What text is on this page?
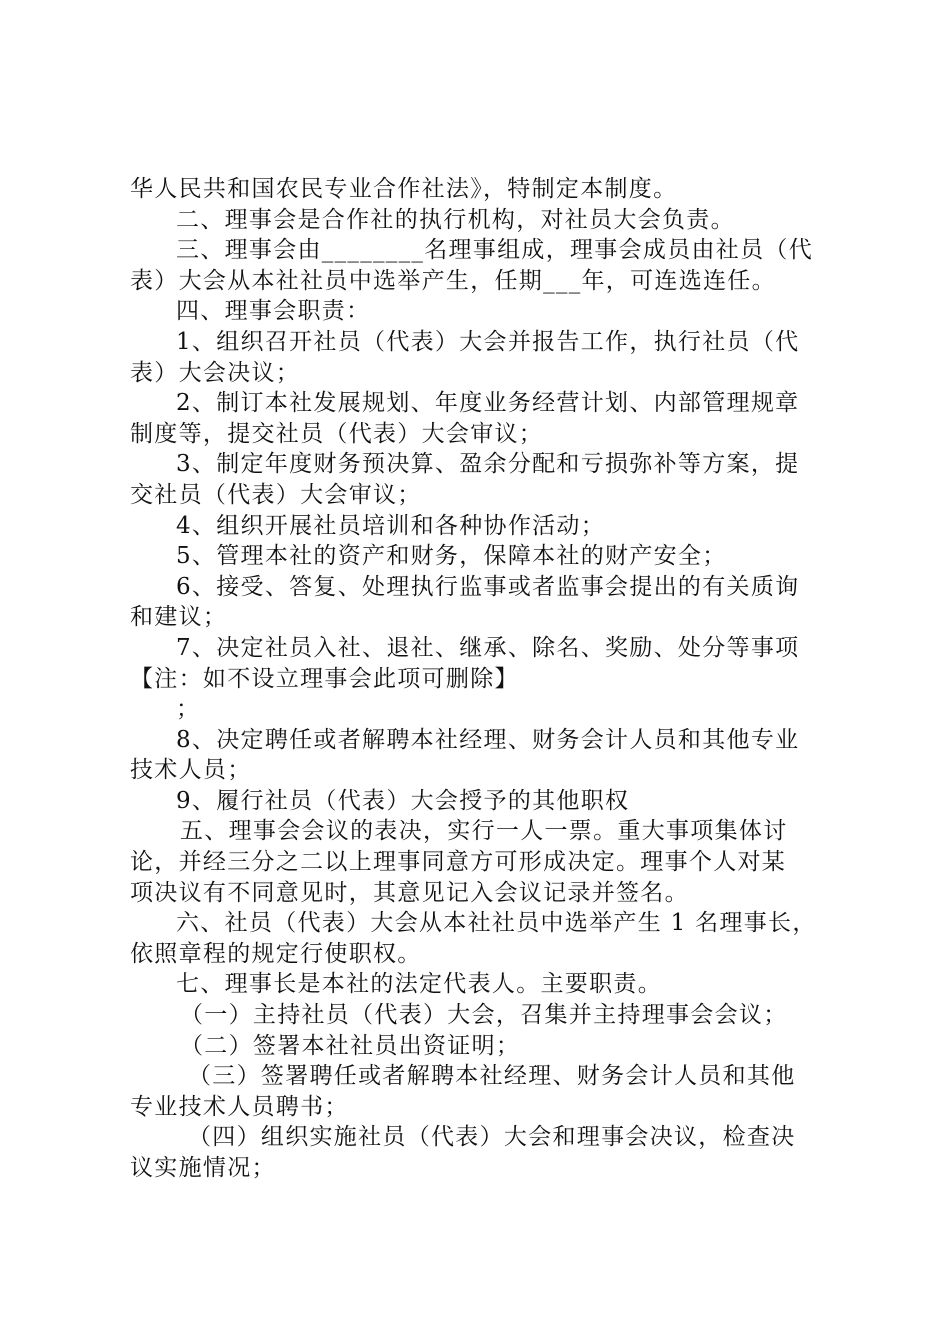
华人民共和国农民专业合作社法》，特制定本制度。
二、理事会是合作社的执行机构，对社员大会负责。
三、理事会由________名理事组成，理事会成员由社员（代
表）大会从本社社员中选举产生，任期___年，可连选连任。
四、理事会职责：
1、组织召开社员（代表）大会并报告工作，执行社员（代
表）大会决议；
2、制订本社发展规划、年度业务经营计划、内部管理规章
制度等，提交社员（代表）大会审议；
3、制定年度财务预决算、盈余分配和亏损弥补等方案，提
交社员（代表）大会审议；
4、组织开展社员培训和各种协作活动；
5、管理本社的资产和财务，保障本社的财产安全；
6、接受、答复、处理执行监事或者监事会提出的有关质询
和建议；
7、决定社员入社、退社、继承、除名、奖励、处分等事项
【注：如不设立理事会此项可删除】
；
8、决定聘任或者解聘本社经理、财务会计人员和其他专业
技术人员；
9、履行社员（代表）大会授予的其他职权
五、理事会会议的表决，实行一人一票。重大事项集体讨
论，并经三分之二以上理事同意方可形成决定。理事个人对某
项决议有不同意见时，其意见记入会议记录并签名。
六、社员（代表）大会从本社社员中选举产生 1 名理事长，
依照章程的规定行使职权。
七、理事长是本社的法定代表人。主要职责。
（一）主持社员（代表）大会，召集并主持理事会会议；
（二）签署本社社员出资证明；
（三）签署聘任或者解聘本社经理、财务会计人员和其他
专业技术人员聘书；
（四）组织实施社员（代表）大会和理事会决议，检查决
议实施情况；
